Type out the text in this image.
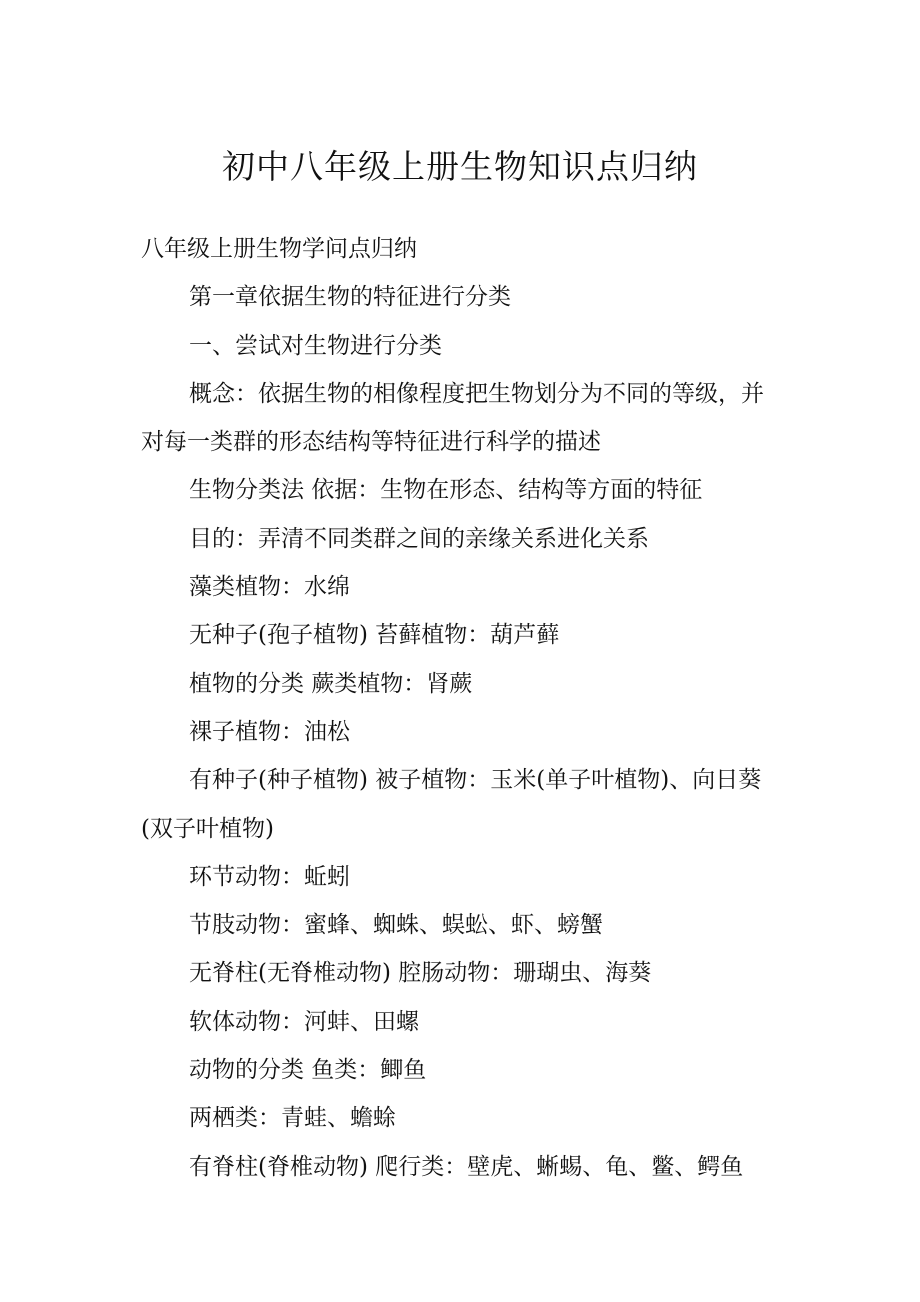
初中八年级上册生物知识点归纳

八年级上册生物学问点归纳

第一章依据生物的特征进行分类

一、尝试对生物进行分类

概念：依据生物的相像程度把生物划分为不同的等级，并对每一类群的形态结构等特征进行科学的描述

生物分类法 依据：生物在形态、结构等方面的特征

目的：弄清不同类群之间的亲缘关系进化关系

藻类植物：水绵

无种子(孢子植物) 苔藓植物：葫芦藓

植物的分类 蕨类植物：肾蕨

裸子植物：油松

有种子(种子植物) 被子植物：玉米(单子叶植物)、向日葵(双子叶植物)

环节动物：蚯蚓

节肢动物：蜜蜂、蜘蛛、蜈蚣、虾、螃蟹

无脊柱(无脊椎动物) 腔肠动物：珊瑚虫、海葵

软体动物：河蚌、田螺

动物的分类 鱼类：鲫鱼

两栖类：青蛙、蟾蜍

有脊柱(脊椎动物) 爬行类：壁虎、蜥蜴、龟、鳖、鳄鱼
